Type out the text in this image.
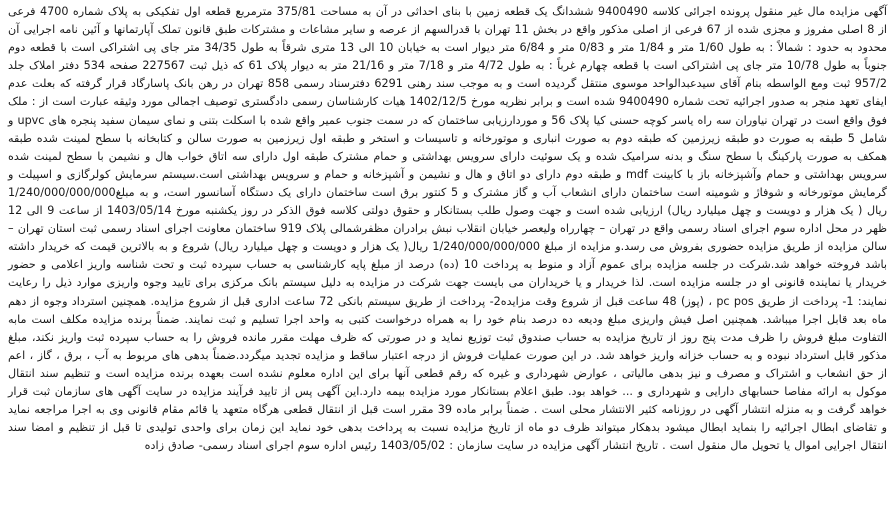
آگهی مزایده مال غیر منقول پرونده اجرائی کلاسه 9400490 ششدانگ یک قطعه زمین با بنای احداثی در آن به مساحت 375/81 مترمربع قطعه اول تفکیکی به پلاک شماره 4700 فرعی از 8 اصلی مفروز و مجزی شده از 67 فرعی از اصلی مذکور واقع در بخش 11 تهران با قدرالسهم از عرصه و سایر مشاعات و مشترکات طبق قانون تملک آپارتمانها و آئین نامه اجرایی آن محدود به حدود : شمالاً : به طول 1/60 متر و 1/84 متر و 0/83 متر و 6/84 متر دیوار است به خیابان 10 الی 13 متری شرقاً به طول 34/35 متر جای پی اشتراکی است با قطعه دوم جنوباً به طول 10/78 متر جای پی اشتراکی است با قطعه چهارم غرباً : به طول 4/72 متر و 7/18 متر و 21/16 متر به دیوار پلاک 61 که ذیل ثبت 227567 صفحه 534 دفتر املاک جلد 957/2 ثبت ومع الواسطه بنام آقای سیدعبدالواحد موسوی منتقل گردیده است و به موجب سند رهنی 6291 دفترسناد رسمی 858 تهران در رهن بانک پاسارگاد قرار گرفته که بعلت عدم ایفای تعهد منجر به صدور اجرائیه تحت شماره 9400490 شده است و برابر نظریه مورخ 1402/12/5 هیات کارشناسان رسمی دادگستری توصیف اجمالی مورد وثیقه عبارت است از : ملک فوق واقع است در تهران نیاوران سه راه یاسر کوچه حسنی کیا پلاک 56 و موردارزیابی ساختمان که در سمت جنوب عمیر واقع شده با اسکلت بتنی و نمای سیمان سفید پنجره های upvc و شامل 5 طبقه به صورت دو طبقه زیرزمین که طبقه دوم به صورت انباری و موتورخانه و تاسیسات و استخر و طبقه اول زیرزمین به صورت سالن و کتابخانه با سطح لمینت شده طبقه همکف به صورت پارکینگ با سطح سنگ و بدنه سرامیک شده و یک سوئیت دارای سرویس بهداشتی و حمام مشترک طبقه اول دارای سه اتاق خواب هال و نشیمن با سطح لمینت شده سرویس بهداشتی و حمام وآشپزخانه باز با کابینت mdf و طبقه دوم دارای دو اتاق و هال و نشیمن و آشپزخانه و حمام و سرویس بهداشتی است.سیستم سرمایش کولرگازی و اسپیلت و گرمایش موتورخانه و شوفاژ و شومینه است ساختمان دارای انشعاب آب و گاز مشترک و 5 کنتور برق است ساختمان دارای یک دستگاه آسانسور است، و به مبلغ1/240/000/000/000 ریال ( یک هزار و دویست و چهل میلیارد ریال) ارزیابی شده است و جهت وصول طلب بستانکار و حقوق دولتی کلاسه فوق الذکر در روز یکشنبه مورخ 1403/05/14 از ساعت 9 الی 12 ظهر در محل اداره سوم اجرای اسناد رسمی واقع در تهران – چهارراه ولیعصر خیابان انقلاب نبش برادران مظفرشمالی پلاک 919 ساختمان معاونت اجرای اسناد رسمی ثبت استان تهران – سالن مزایده از طریق مزایده حضوری بفروش می رسد.و مزایده از مبلغ 1/240/000/000/000 ریال( یک هزار و دویست و چهل میلیارد ریال) شروع و به بالاترین قیمت که خریدار داشته باشد فروخته خواهد شد.شرکت در جلسه مزایده برای عموم آزاد و منوط به پرداخت 10 (ده) درصد از مبلغ پایه کارشناسی به حساب سپرده ثبت و تحت شناسه واریز اعلامی و حضور خریدار یا نماینده قانونی او در جلسه مزایده است. لذا خریدار و یا خریداران می بایست جهت شرکت در مزایده به دلیل سیستم بانک مرکزی برای تایید وجوه واریزی موارد ذیل را رعایت نمایند: 1- پرداخت از طریق pc pos ، (پوز) 48 ساعت قبل از شروع وقت مزایده2- پرداخت از طریق سیستم بانکی 72 ساعت اداری قبل از شروع مزایده. همچنین استرداد وجوه از دهم ماه بعد قابل اجرا میباشد. همچنین اصل فیش واریزی مبلغ ودیعه ده درصد بنام خود را به همراه درخواست کتبی به واحد اجرا تسلیم و ثبت نمایند. ضمناً برنده مزایده مکلف است مابه التفاوت مبلغ فروش را ظرف مدت پنج روز از تاریخ مزایده به حساب صندوق ثبت توزیع نماید و در صورتی که ظرف مهلت مقرر مانده فروش را به حساب سپرده ثبت واریز نکند، مبلغ مذکور قابل استرداد نبوده و به حساب خزانه واریز خواهد شد. در این صورت عملیات فروش از درجه اعتبار ساقط و مزایده تجدید میگردد.ضمناً بدهی های مربوط به آب ، برق ، گاز ، اعم از حق انشعاب و اشتراک و مصرف و نیز بدهی مالیاتی ، عوارض شهرداری و غیره که رقم قطعی آنها برای این اداره معلوم نشده است بعهده برنده مزایده است و تنظیم سند انتقال موکول به ارائه مفاصا حسابهای دارایی و شهرداری و ... خواهد بود. طبق اعلام بستانکار مورد مزایده بیمه دارد.این آگهی پس از تایید فرآیند مزایده در سایت آگهی های سازمان ثبت قرار خواهد گرفت و به منزله انتشار آگهی در روزنامه کثیر الانتشار محلی است . ضمناً برابر ماده 39 مقرر است قبل از انتقال قطعی هرگاه متعهد یا قائم مقام قانونی وی به اجرا مراجعه نماید و تقاضای ابطال اجرائیه را بنماید ابطال میشود بدهکار میتواند ظرف دو ماه از تاریخ مزایده نسبت به پرداخت بدهی خود نماید این زمان برای واحدی تولیدی تا قبل از تنظیم و امضا سند انتقال اجرایی اموال یا تحویل مال منقول است . تاریخ انتشار آگهی مزایده در سایت سازمان : 1403/05/02 رئیس اداره سوم اجرای اسناد رسمی- صادق زاده
